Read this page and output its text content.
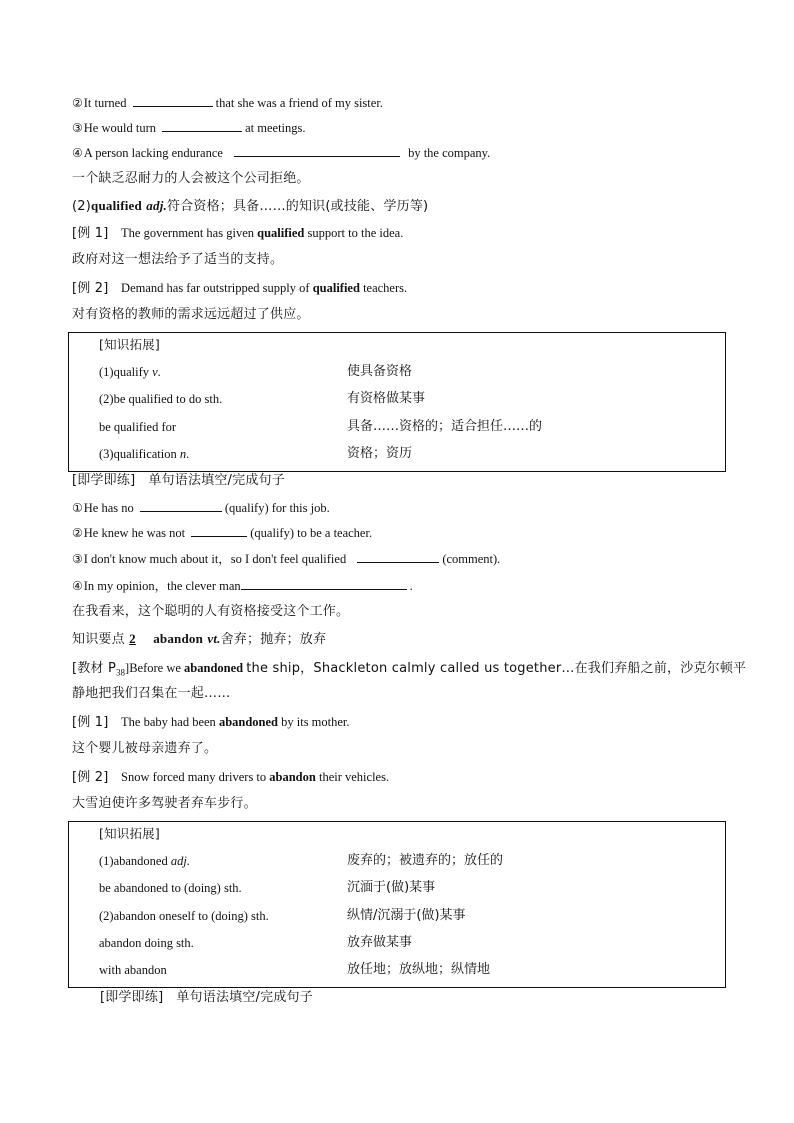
②It turned	that she was a friend of my sister.
③He would turn	at meetings.
④A person lacking endurance	by the company.
一个缺乏忍耐力的人会被这个公司拒绝。
(2)qualified adj.符合资格；具备……的知识(或技能、学历等)
[例 1] The government has given qualified support to the idea.
政府对这一想法给予了适当的支持。
[例 2] Demand has far outstripped supply of qualified teachers.
对有资格的教师的需求远远超过了供应。
[知识拓展]
(1)qualify v.	使具备资格
(2)be qualified to do sth.	有资格做某事
be qualified for	具备……资格的；适合担任……的
(3)qualification n.	资格；资历
[即学即练] 单句语法填空/完成句子
①He has no	(qualify) for this job.
②He knew he was not	(qualify) to be a teacher.
③I don't know much about it，so I don't feel qualified	(comment).
④In my opinion，the clever man	.
在我看来，这个聪明的人有资格接受这个工作。
知识要点 2 abandon vt.舍弃；抛弃；放弃
[教材 $P_{38}]Before$ we abandoned the ship，Shackleton calmly called us together…在我们弃船之前，沙克尔顿平
静地把我们召集在一起……
[例 1] The baby had been abandoned by its mother.
这个婴儿被母亲遗弃了。
[例 2] Snow forced many drivers to abandon their vehicles.
大雪迫使许多驾驶者弃车步行。
[知识拓展]
(1)abandoned adj.	废弃的；被遗弃的；放任的
be abandoned to (doing) sth.	沉湎于(做)某事
(2)abandon oneself to (doing) sth.	纵情/沉溺于(做)某事
abandon doing sth.	放弃做某事
with abandon	放任地；放纵地；纵情地
[即学即练] 单句语法填空/完成句子
